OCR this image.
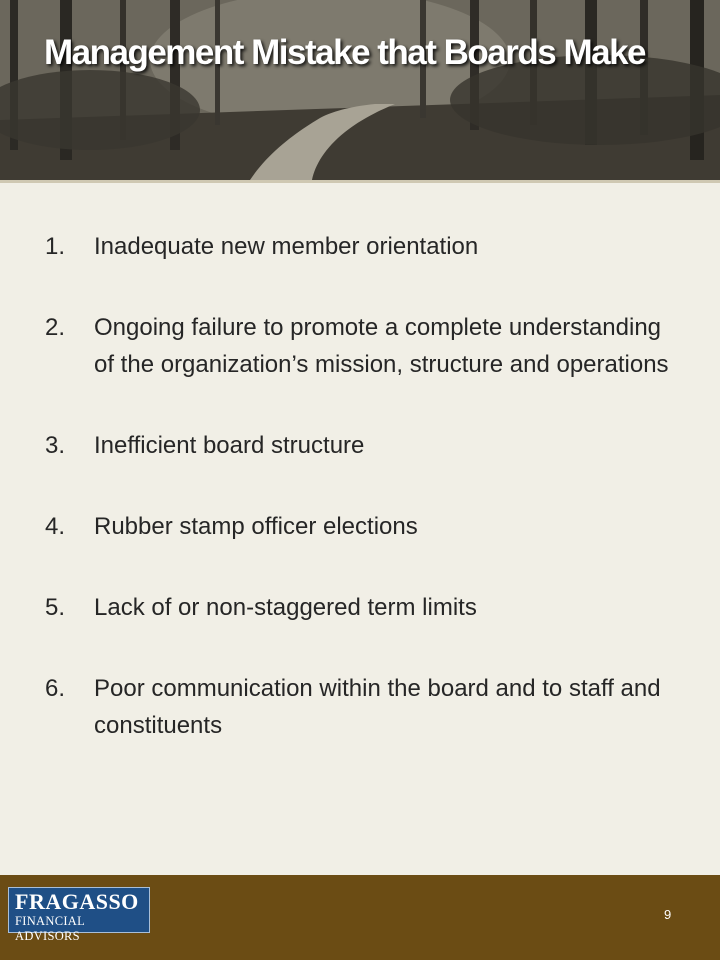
Management Mistake that Boards Make
1.	Inadequate new member orientation
2.	Ongoing failure to promote a complete understanding of the organization’s mission, structure and operations
3.	Inefficient board structure
4.	Rubber stamp officer elections
5.	Lack of or non-staggered term limits
6.	Poor communication within the board and to staff and constituents
FRAGASSO
FINANCIAL ADVISORS
9
